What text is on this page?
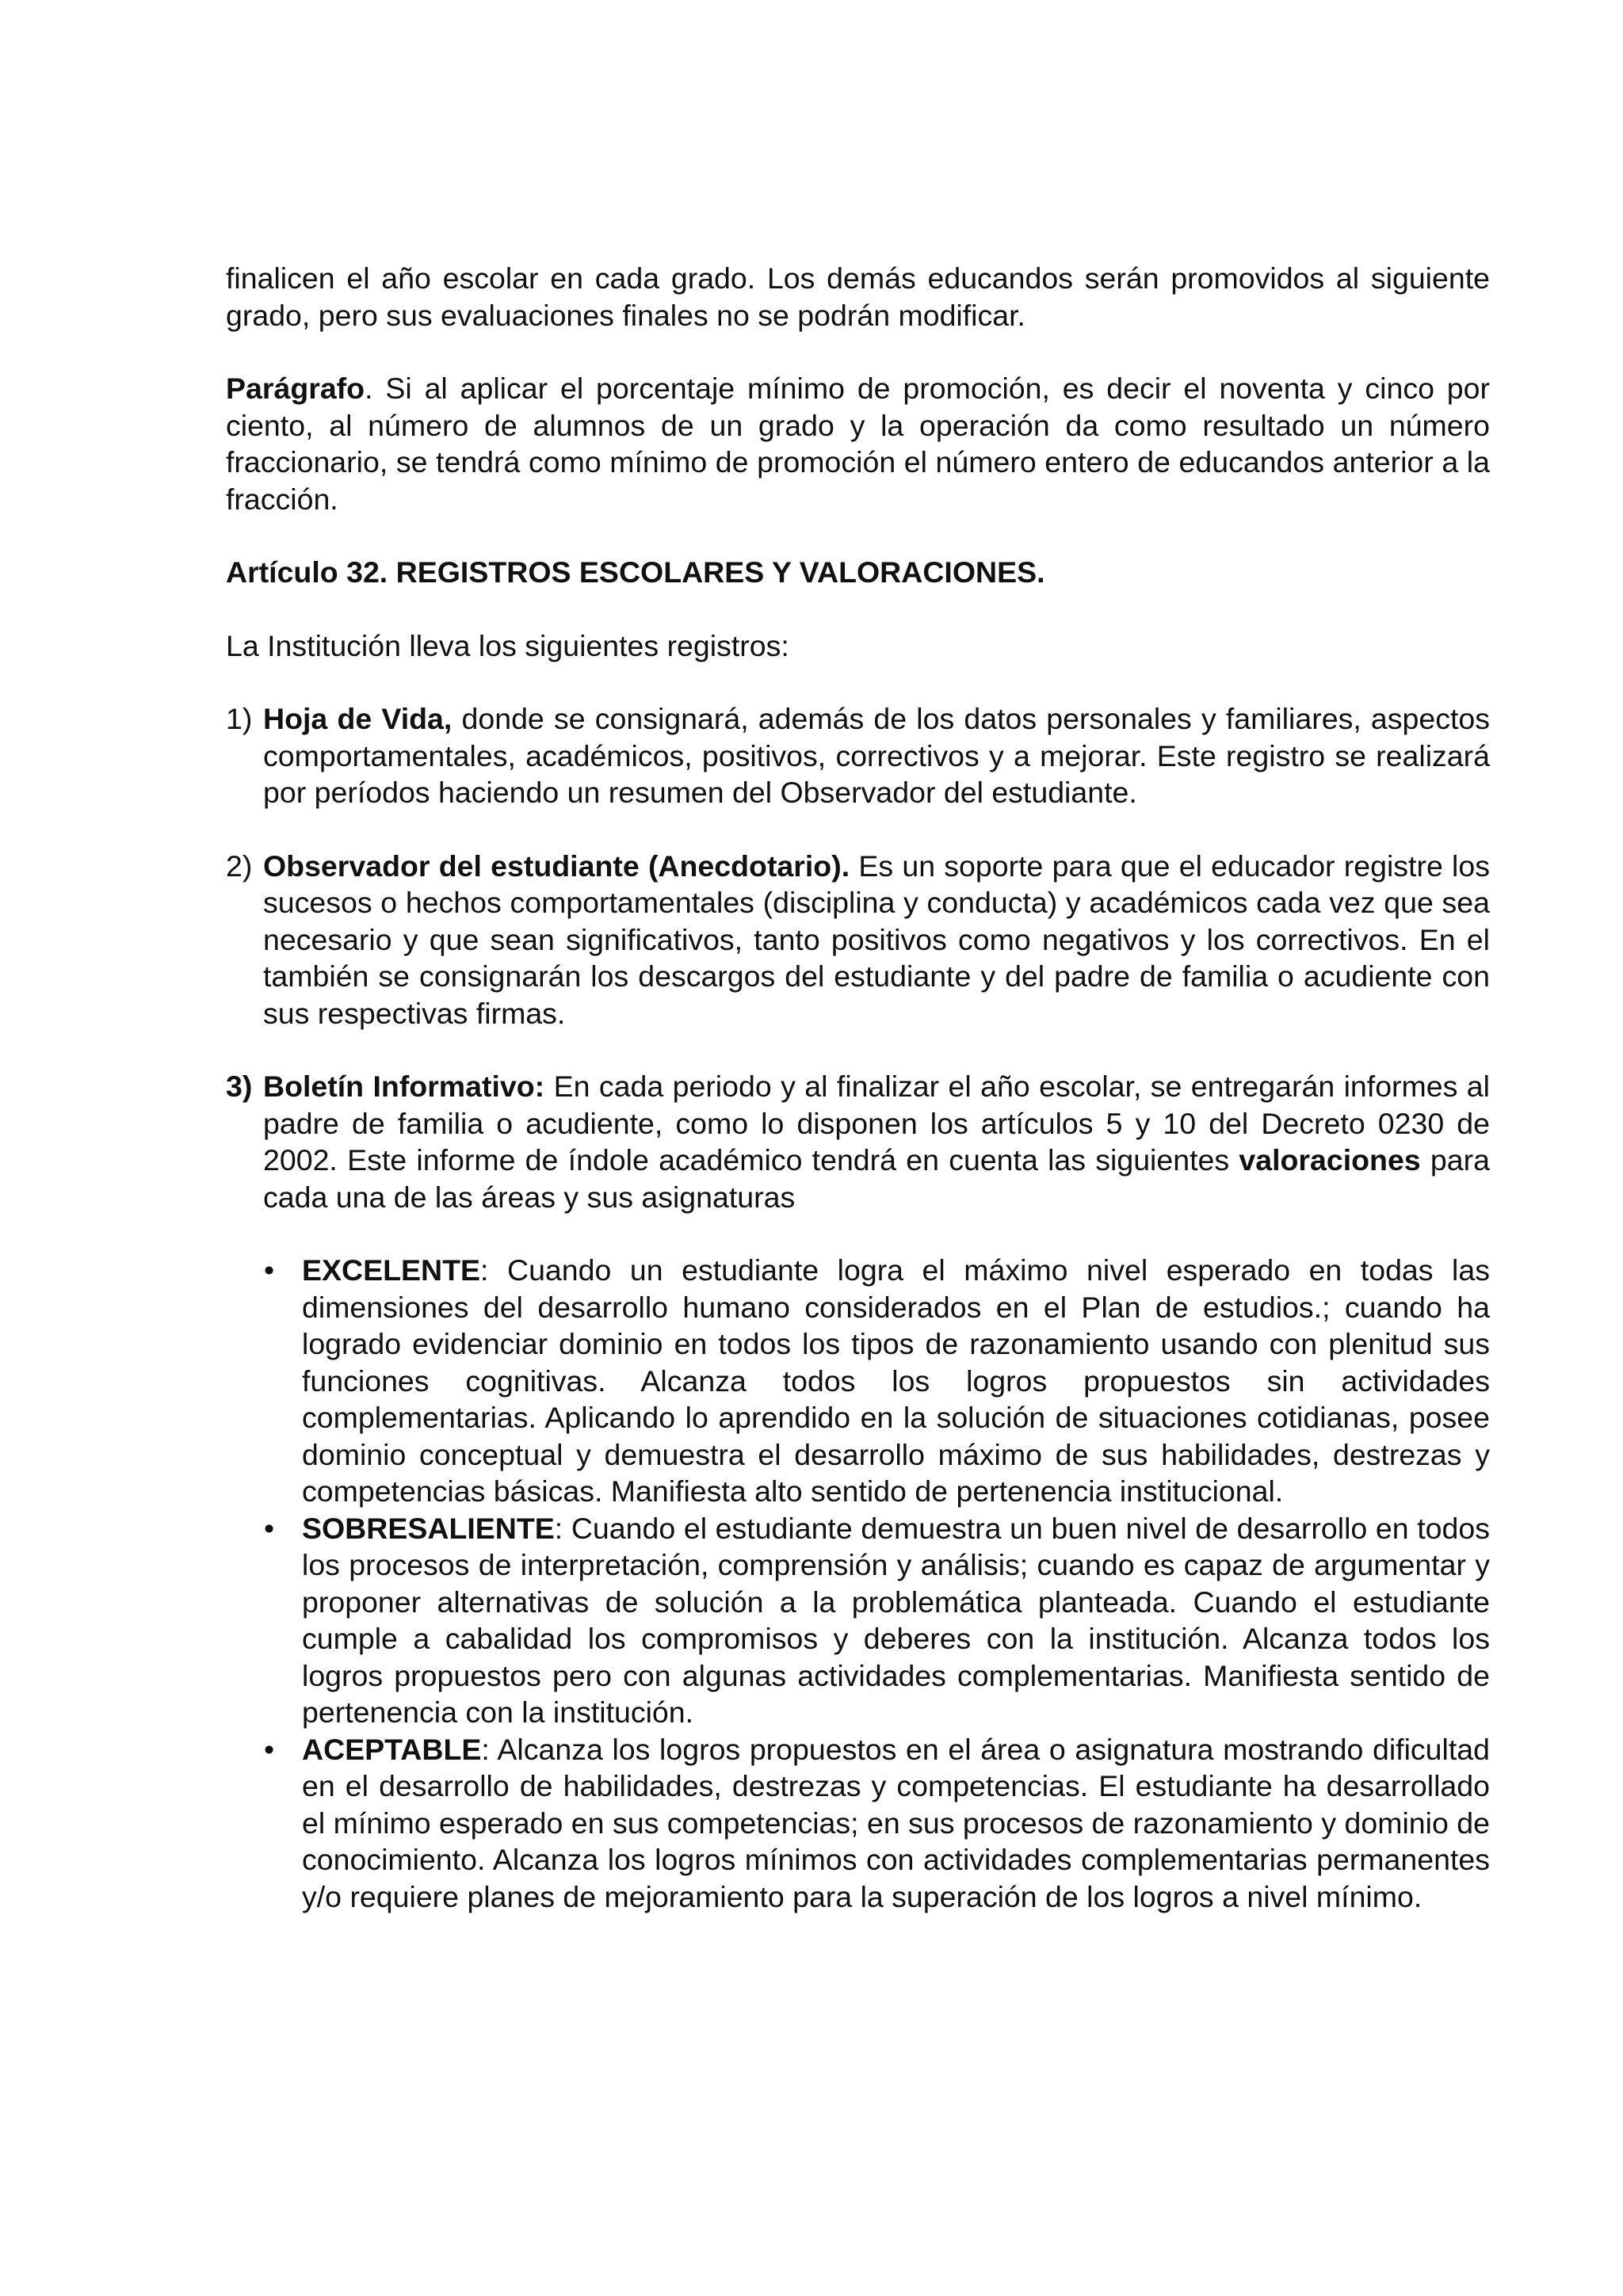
finalicen el año escolar en cada grado. Los demás educandos serán promovidos al siguiente grado, pero sus evaluaciones finales no se podrán modificar.

Parágrafo. Si al aplicar el porcentaje mínimo de promoción, es decir el noventa y cinco por ciento, al número de alumnos de un grado y la operación da como resultado un número fraccionario, se tendrá como mínimo de promoción el número entero de educandos anterior a la fracción.

Artículo 32. REGISTROS ESCOLARES Y VALORACIONES.

La Institución lleva los siguientes registros:

1) Hoja de Vida, donde se consignará, además de los datos personales y familiares, aspectos comportamentales, académicos, positivos, correctivos y a mejorar. Este registro se realizará por períodos haciendo un resumen del Observador del estudiante.
2) Observador del estudiante (Anecdotario). Es un soporte para que el educador registre los sucesos o hechos comportamentales (disciplina y conducta) y académicos cada vez que sea necesario y que sean significativos, tanto positivos como negativos y los correctivos. En el también se consignarán los descargos del estudiante y del padre de familia o acudiente con sus respectivas firmas.
3) Boletín Informativo: En cada periodo y al finalizar el año escolar, se entregarán informes al padre de familia o acudiente, como lo disponen los artículos 5 y 10 del Decreto 0230 de 2002. Este informe de índole académico tendrá en cuenta las siguientes valoraciones para cada una de las áreas y sus asignaturas
• EXCELENTE: Cuando un estudiante logra el máximo nivel esperado en todas las dimensiones del desarrollo humano considerados en el Plan de estudios.; cuando ha logrado evidenciar dominio en todos los tipos de razonamiento usando con plenitud sus funciones cognitivas. Alcanza todos los logros propuestos sin actividades complementarias. Aplicando lo aprendido en la solución de situaciones cotidianas, posee dominio conceptual y demuestra el desarrollo máximo de sus habilidades, destrezas y competencias básicas. Manifiesta alto sentido de pertenencia institucional.
• SOBRESALIENTE: Cuando el estudiante demuestra un buen nivel de desarrollo en todos los procesos de interpretación, comprensión y análisis; cuando es capaz de argumentar y proponer alternativas de solución a la problemática planteada. Cuando el estudiante cumple a cabalidad los compromisos y deberes con la institución. Alcanza todos los logros propuestos pero con algunas actividades complementarias. Manifiesta sentido de pertenencia con la institución.
• ACEPTABLE: Alcanza los logros propuestos en el área o asignatura mostrando dificultad en el desarrollo de habilidades, destrezas y competencias. El estudiante ha desarrollado el mínimo esperado en sus competencias; en sus procesos de razonamiento y dominio de conocimiento. Alcanza los logros mínimos con actividades complementarias permanentes y/o requiere planes de mejoramiento para la superación de los logros a nivel mínimo.
